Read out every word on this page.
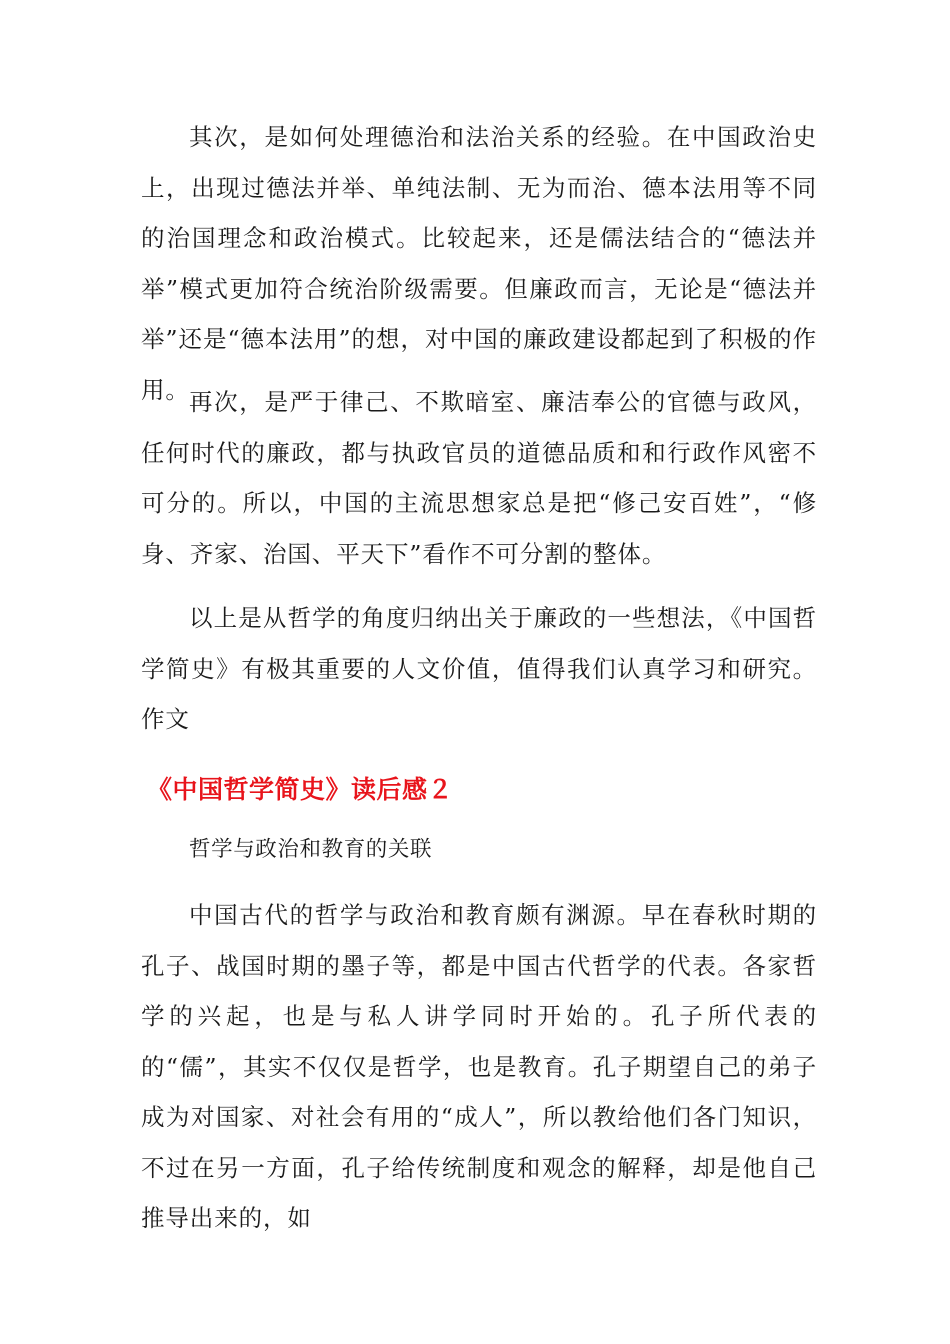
其次，是如何处理德治和法治关系的经验。在中国政治史上，出现过德法并举、单纯法制、无为而治、德本法用等不同的治国理念和政治模式。比较起来，还是儒法结合的“德法并举”模式更加符合统治阶级需要。但廉政而言，无论是“德法并举”还是“德本法用”的想，对中国的廉政建设都起到了积极的作用。 再次，是严于律己、不欺暗室、廉洁奉公的官德与政风，任何时代的廉政，都与执政官员的道德品质和和行政作风密不可分的。所以，中国的主流思想家总是把“修己安百姓”，“修身、齐家、治国、平天下”看作不可分割的整体。

以上是从哲学的角度归纳出关于廉政的一些想法，《中国哲学简史》有极其重要的人文价值，值得我们认真学习和研究。作文

《中国哲学简史》读后感２

哲学与政治和教育的关联

中国古代的哲学与政治和教育颇有渊源。早在春秋时期的孔子、战国时期的墨子等，都是中国古代哲学的代表。各家哲学的兴起，也是与私人讲学同时开始的。孔子所代表的的“儒”，其实不仅仅是哲学，也是教育。孔子期望自己的弟子成为对国家、对社会有用的“成人”，所以教给他们各门知识，不过在另一方面，孔子给传统制度和观念的解释，却是他自己推导出来的，如
